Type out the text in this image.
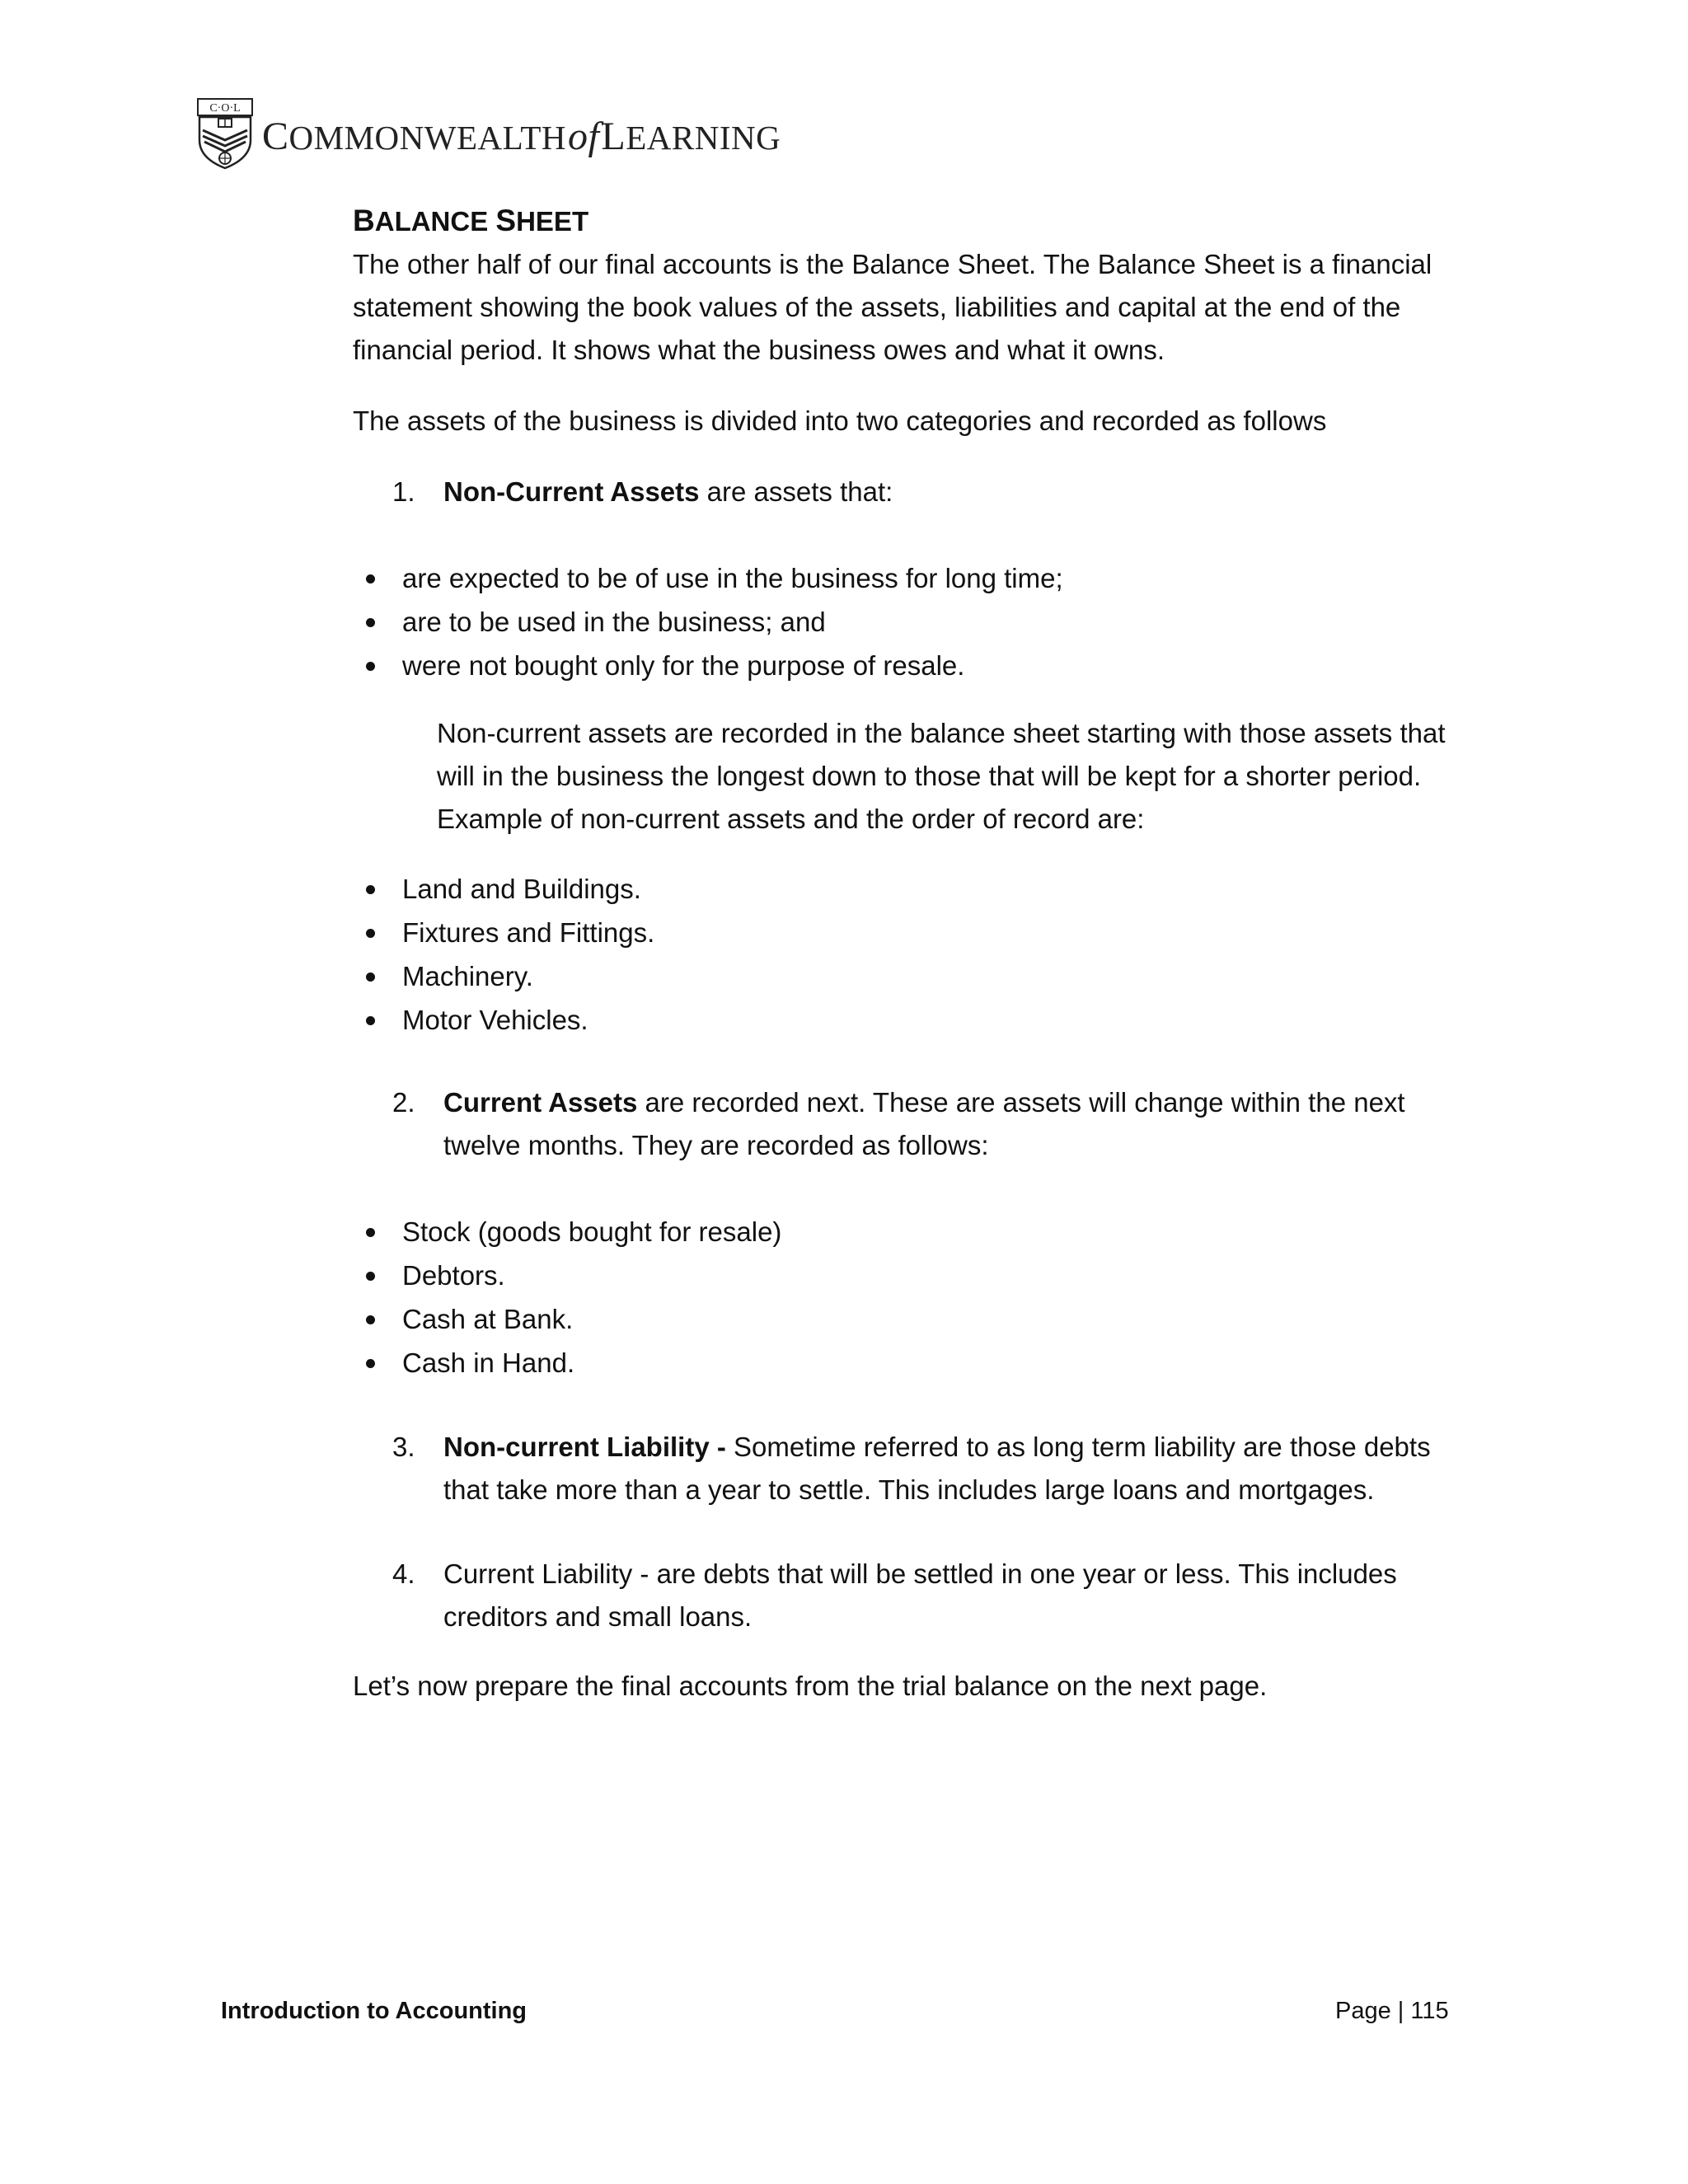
C·O·L
COMMONWEALTHofLEARNING
BALANCE SHEET

The other half of our final accounts is the Balance Sheet. The Balance Sheet is a financial statement showing the book values of the assets, liabilities and capital at the end of the financial period. It shows what the business owes and what it owns.

The assets of the business is divided into two categories and recorded as follows

1.	Non-Current Assets are assets that:
are expected to be of use in the business for long time;
are to be used in the business; and
were not bought only for the purpose of resale.

Non-current assets are recorded in the balance sheet starting with those assets that will in the business the longest down to those that will be kept for a shorter period. Example of non-current assets and the order of record are:

Land and Buildings.
Fixtures and Fittings.
Machinery.
Motor Vehicles.
2.	Current Assets are recorded next. These are assets will change within the next twelve months. They are recorded as follows:
Stock (goods bought for resale)
Debtors.
Cash at Bank.
Cash in Hand.
3.	Non-current Liability - Sometime referred to as long term liability are those debts that take more than a year to settle. This includes large loans and mortgages.
4.	Current Liability - are debts that will be settled in one year or less. This includes creditors and small loans.

Let’s now prepare the final accounts from the trial balance on the next page.

Introduction to Accounting	Page | 115
